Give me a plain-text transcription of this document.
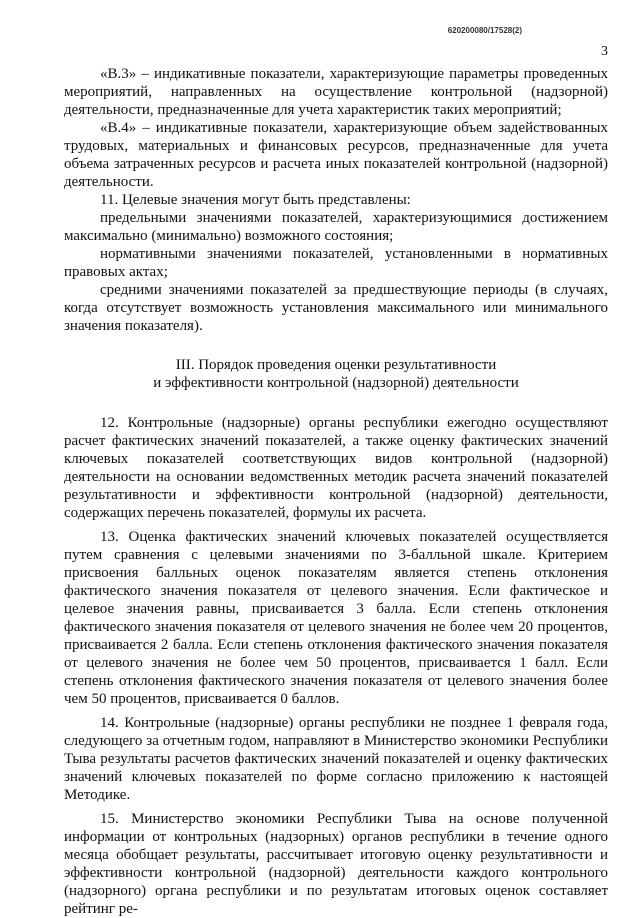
620200080/17528(2)
3

«В.3» – индикативные показатели, характеризующие параметры проведенных мероприятий, направленных на осуществление контрольной (надзорной) деятельности, предназначенные для учета характеристик таких мероприятий;

«В.4» – индикативные показатели, характеризующие объем задействованных трудовых, материальных и финансовых ресурсов, предназначенные для учета объема затраченных ресурсов и расчета иных показателей контрольной (надзорной) деятельности.

11. Целевые значения могут быть представлены:

предельными значениями показателей, характеризующимися достижением максимально (минимально) возможного состояния;

нормативными значениями показателей, установленными в нормативных правовых актах;

средними значениями показателей за предшествующие периоды (в случаях, когда отсутствует возможность установления максимального или минимального значения показателя).

III. Порядок проведения оценки результативности

и эффективности контрольной (надзорной) деятельности

12. Контрольные (надзорные) органы республики ежегодно осуществляют расчет фактических значений показателей, а также оценку фактических значений ключевых показателей соответствующих видов контрольной (надзорной) деятельности на основании ведомственных методик расчета значений показателей результативности и эффективности контрольной (надзорной) деятельности, содержащих перечень показателей, формулы их расчета.

13. Оценка фактических значений ключевых показателей осуществляется путем сравнения с целевыми значениями по 3-балльной шкале. Критерием присвоения балльных оценок показателям является степень отклонения фактического значения показателя от целевого значения. Если фактическое и целевое значения равны, присваивается 3 балла. Если степень отклонения фактического значения показателя от целевого значения не более чем 20 процентов, присваивается 2 балла. Если степень отклонения фактического значения показателя от целевого значения не более чем 50 процентов, присваивается 1 балл. Если степень отклонения фактического значения показателя от целевого значения более чем 50 процентов, присваивается 0 баллов.

14. Контрольные (надзорные) органы республики не позднее 1 февраля года, следующего за отчетным годом, направляют в Министерство экономики Республики Тыва результаты расчетов фактических значений показателей и оценку фактических значений ключевых показателей по форме согласно приложению к настоящей Методике.

15. Министерство экономики Республики Тыва на основе полученной информации от контрольных (надзорных) органов республики в течение одного месяца обобщает результаты, рассчитывает итоговую оценку результативности и эффективности контрольной (надзорной) деятельности каждого контрольного (надзорного) органа республики и по результатам итоговых оценок составляет рейтинг ре-
